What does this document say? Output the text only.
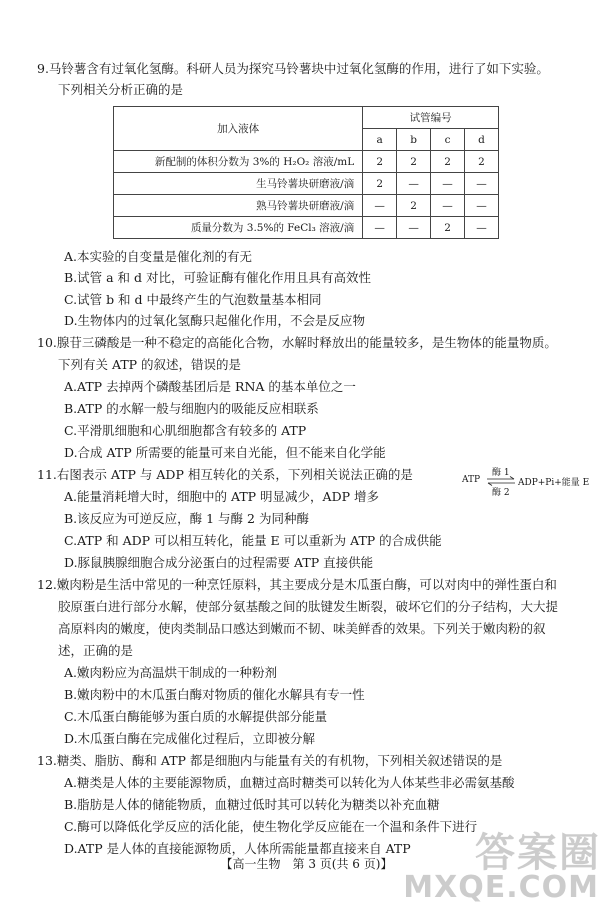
9.马铃薯含有过氧化氢酶。科研人员为探究马铃薯块中过氧化氢酶的作用，进行了如下实验。
下列相关分析正确的是
加入液体	试管编号			
	a	b	c	d
新配制的体积分数为 3%的 H₂O₂ 溶液/mL	2	2	2	2
生马铃薯块研磨液/滴	2	—	—	—
熟马铃薯块研磨液/滴	—	2	—	—
质量分数为 3.5%的 FeCl₃ 溶液/滴	—	—	2	—
A.本实验的自变量是催化剂的有无
B.试管 a 和 d 对比，可验证酶有催化作用且具有高效性
C.试管 b 和 d 中最终产生的气泡数量基本相同
D.生物体内的过氧化氢酶只起催化作用，不会是反应物
10.腺苷三磷酸是一种不稳定的高能化合物，水解时释放出的能量较多，是生物体的能量物质。
下列有关 ATP 的叙述，错误的是
A.ATP 去掉两个磷酸基团后是 RNA 的基本单位之一
B.ATP 的水解一般与细胞内的吸能反应相联系
C.平滑肌细胞和心肌细胞都含有较多的 ATP
D.合成 ATP 所需要的能量可来自光能，但不能来自化学能
11.右图表示 ATP 与 ADP 相互转化的关系，下列相关说法正确的是	ATP
酶 1
酶 2
ADP+Pi+能量 E
A.能量消耗增大时，细胞中的 ATP 明显减少，ADP 增多
B.该反应为可逆反应，酶 1 与酶 2 为同种酶
C.ATP 和 ADP 可以相互转化，能量 E 可以重新为 ATP 的合成供能
D.豚鼠胰腺细胞合成分泌蛋白的过程需要 ATP 直接供能
12.嫩肉粉是生活中常见的一种烹饪原料，其主要成分是木瓜蛋白酶，可以对肉中的弹性蛋白和
胶原蛋白进行部分水解，使部分氨基酸之间的肽键发生断裂，破坏它们的分子结构，大大提
高原料肉的嫩度，使肉类制品口感达到嫩而不韧、味美鲜香的效果。下列关于嫩肉粉的叙
述，正确的是
A.嫩肉粉应为高温烘干制成的一种粉剂
B.嫩肉粉中的木瓜蛋白酶对物质的催化水解具有专一性
C.木瓜蛋白酶能够为蛋白质的水解提供部分能量
D.木瓜蛋白酶在完成催化过程后，立即被分解
13.糖类、脂肪、酶和 ATP 都是细胞内与能量有关的有机物，下列相关叙述错误的是
A.糖类是人体的主要能源物质，血糖过高时糖类可以转化为人体某些非必需氨基酸
B.脂肪是人体的储能物质，血糖过低时其可以转化为糖类以补充血糖
C.酶可以降低化学反应的活化能，使生物化学反应能在一个温和条件下进行
D.ATP 是人体的直接能源物质，人体所需能量都直接来自 ATP
【高一生物　第 3 页(共 6 页)】	答案圈
MXQE.COM
